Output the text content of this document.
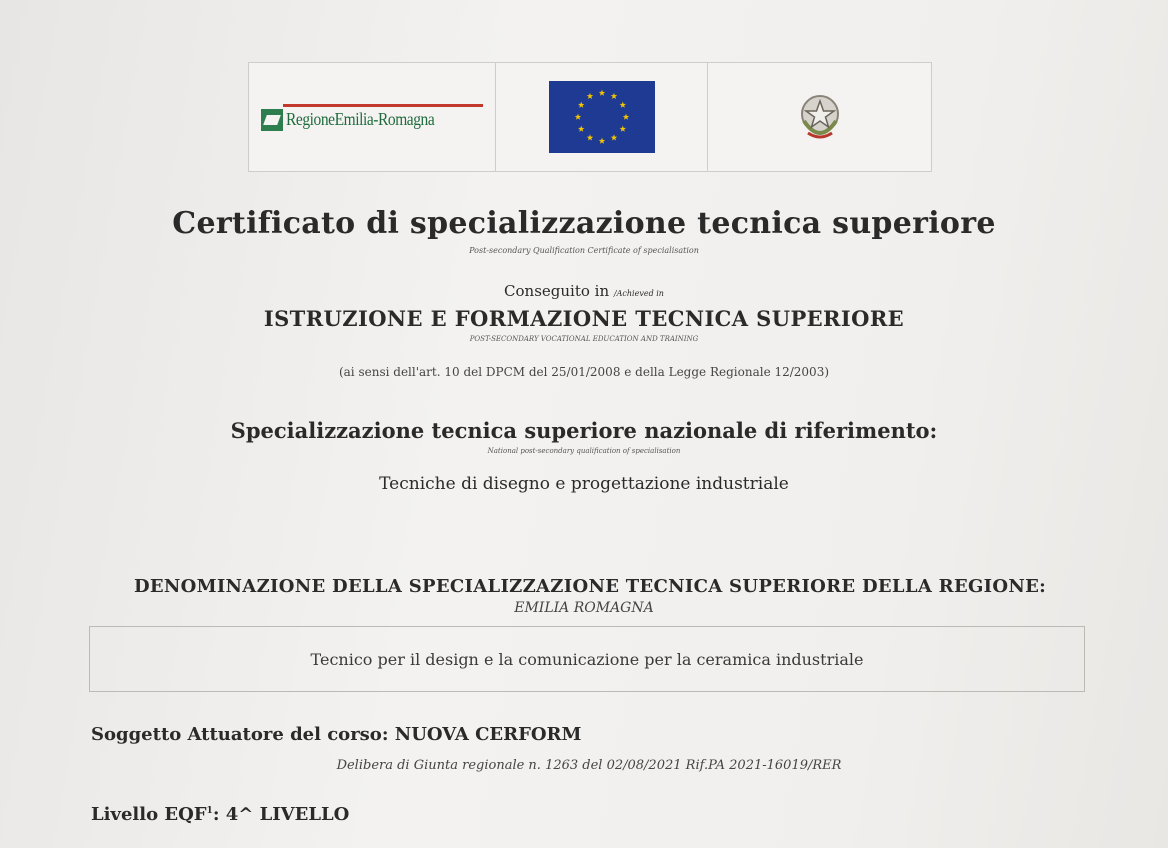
RegioneEmilia-Romagna
Certificato di specializzazione tecnica superiore
Post-secondary Qualification Certificate of specialisation
Conseguito in /Achieved in
ISTRUZIONE E FORMAZIONE TECNICA SUPERIORE
POST-SECONDARY VOCATIONAL EDUCATION AND TRAINING
(ai sensi dell'art. 10 del DPCM del 25/01/2008 e della Legge Regionale 12/2003)
Specializzazione tecnica superiore nazionale di riferimento:
National post-secondary qualification of specialisation
Tecniche di disegno e progettazione industriale
DENOMINAZIONE DELLA SPECIALIZZAZIONE TECNICA SUPERIORE DELLA REGIONE:
EMILIA ROMAGNA
Tecnico per il design e la comunicazione per la ceramica industriale
Soggetto Attuatore del corso: NUOVA CERFORM
Delibera di Giunta regionale n. 1263 del 02/08/2021 Rif.PA 2021-16019/RER
Livello EQF$^1$: 4^ LIVELLO
